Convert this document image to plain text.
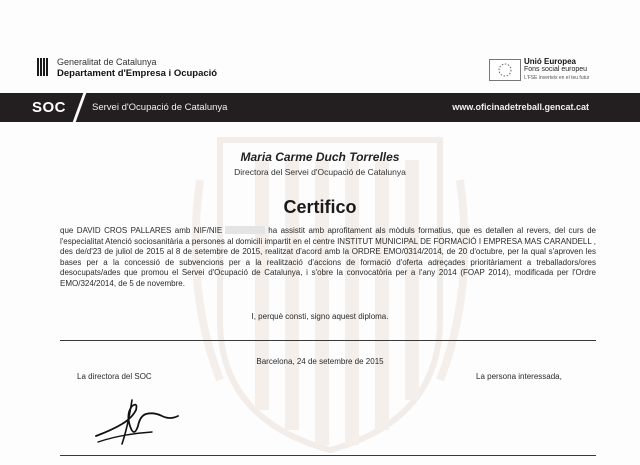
Generalitat de Catalunya
Departament d'Empresa i Ocupació
Unió Europea
Fons social europeu
L'FSE inverteix en el teu futur
SOC	Servei d'Ocupació de Catalunya	www.oficinadetreball.gencat.cat
Maria Carme Duch Torrelles
Directora del Servei d'Ocupació de Catalunya
Certifico
que DAVID CROS PALLARES amb NIF/NIE	ha assistit amb aprofitament als mòduls formatius, que es detallen al revers, del curs de l'especialitat Atenció sociosanitària a persones al domicili impartit en el centre INSTITUT MUNICIPAL DE FORMACIÓ I EMPRESA MAS CARANDELL , des de/d'23 de juliol de 2015 al 8 de setembre de 2015, realitzat d'acord amb la ORDRE EMO/0314/2014, de 20 d'octubre, per la qual s'aproven les bases per a la concessió de subvencions per a la realització d'accions de formació d'oferta adreçades prioritàriament a treballadors/ores desocupats/ades que promou el Servei d'Ocupació de Catalunya, i s'obre la convocatòria per a l'any 2014 (FOAP 2014), modificada per l'Ordre EMO/324/2014, de 5 de novembre.
I, perquè consti, signo aquest diploma.
Barcelona, 24 de setembre de 2015
La directora del SOC	La persona interessada,
